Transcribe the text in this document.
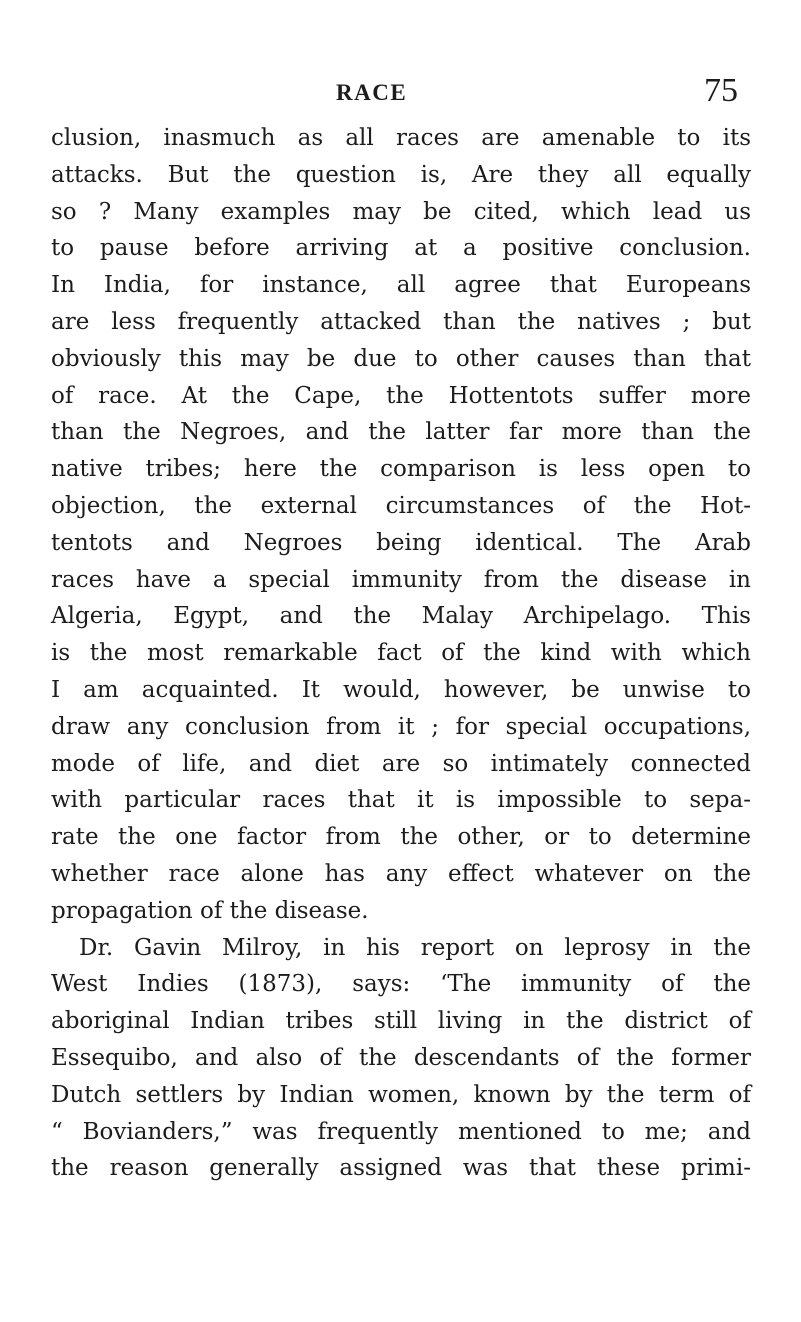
RACE	75
clusion, inasmuch as all races are amenable to its
attacks. But the question is, Are they all equally
so ? Many examples may be cited, which lead us
to pause before arriving at a positive conclusion.
In India, for instance, all agree that Europeans
are less frequently attacked than the natives ; but
obviously this may be due to other causes than that
of race. At the Cape, the Hottentots suffer more
than the Negroes, and the latter far more than the
native tribes; here the comparison is less open to
objection, the external circumstances of the Hot-
tentots and Negroes being identical. The Arab
races have a special immunity from the disease in
Algeria, Egypt, and the Malay Archipelago. This
is the most remarkable fact of the kind with which
I am acquainted. It would, however, be unwise to
draw any conclusion from it ; for special occupations,
mode of life, and diet are so intimately connected
with particular races that it is impossible to sepa-
rate the one factor from the other, or to determine
whether race alone has any effect whatever on the
propagation of the disease.
Dr. Gavin Milroy, in his report on leprosy in the
West Indies (1873), says: ‘The immunity of the
aboriginal Indian tribes still living in the district of
Essequibo, and also of the descendants of the former
Dutch settlers by Indian women, known by the term of
“ Bovianders,” was frequently mentioned to me; and
the reason generally assigned was that these primi-
